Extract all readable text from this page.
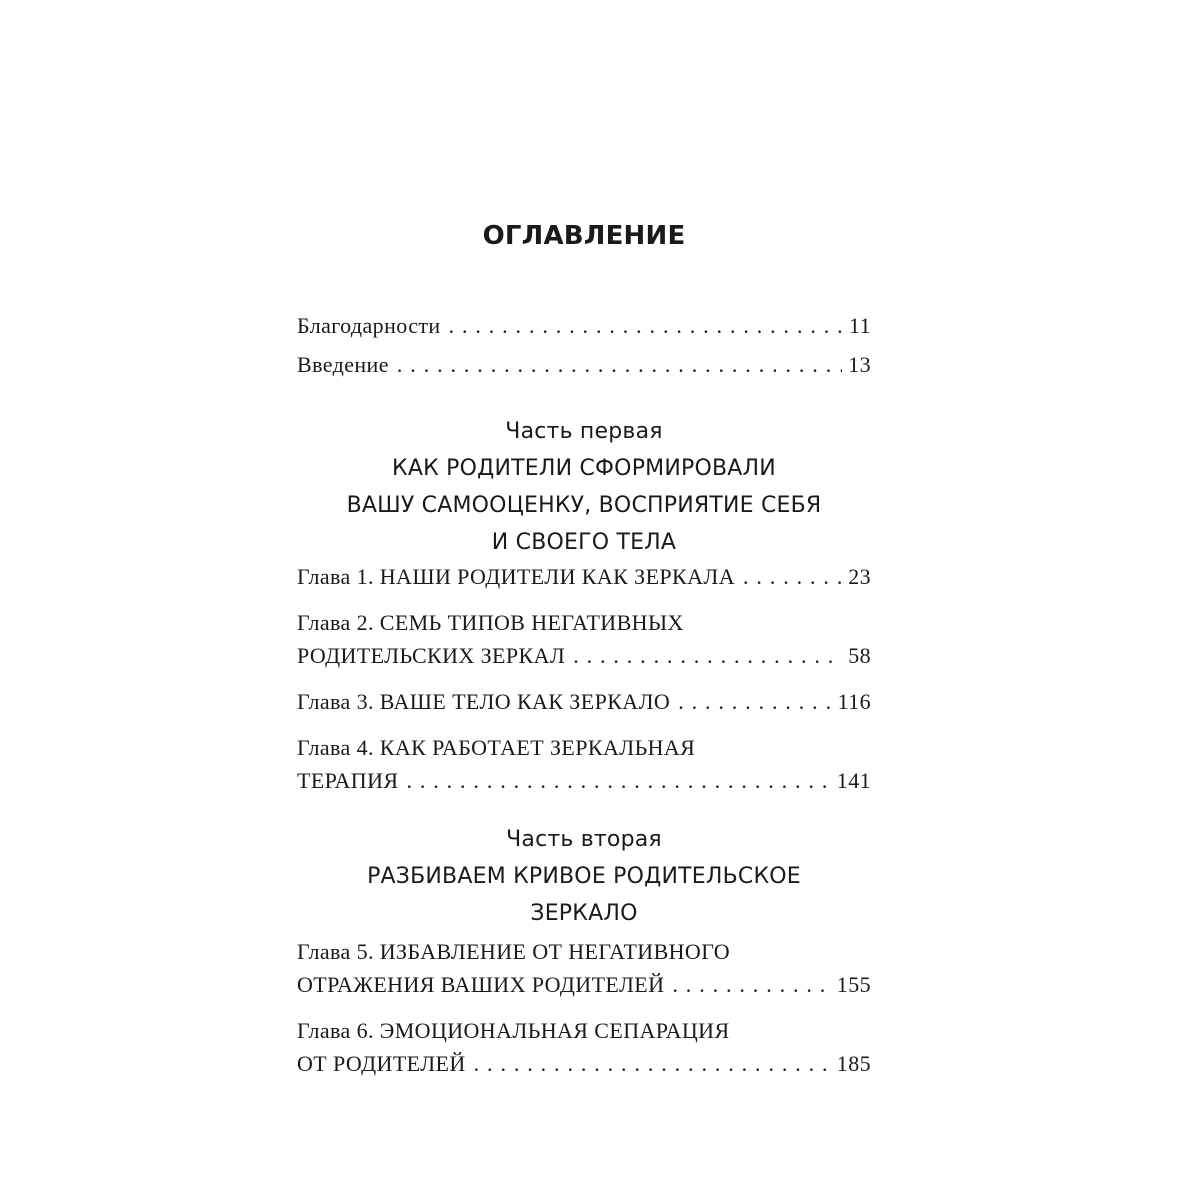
ОГЛАВЛЕНИЕ
Благодарности . . .	11
Введение . . .	13
Часть первая
КАК РОДИТЕЛИ СФОРМИРОВАЛИ
ВАШУ САМООЦЕНКУ, ВОСПРИЯТИЕ СЕБЯ
И СВОЕГО ТЕЛА
Глава 1. НАШИ РОДИТЕЛИ КАК ЗЕРКАЛА . . .	23
Глава 2. СЕМЬ ТИПОВ НЕГАТИВНЫХ
РОДИТЕЛЬСКИХ ЗЕРКАЛ . . .	58
Глава 3. ВАШЕ ТЕЛО КАК ЗЕРКАЛО . . .	116
Глава 4. КАК РАБОТАЕТ ЗЕРКАЛЬНАЯ
ТЕРАПИЯ . . .	141
Часть вторая
РАЗБИВАЕМ КРИВОЕ РОДИТЕЛЬСКОЕ
ЗЕРКАЛО
Глава 5. ИЗБАВЛЕНИЕ ОТ НЕГАТИВНОГО
ОТРАЖЕНИЯ ВАШИХ РОДИТЕЛЕЙ . . .	155
Глава 6. ЭМОЦИОНАЛЬНАЯ СЕПАРАЦИЯ
ОТ РОДИТЕЛЕЙ . . .	185
